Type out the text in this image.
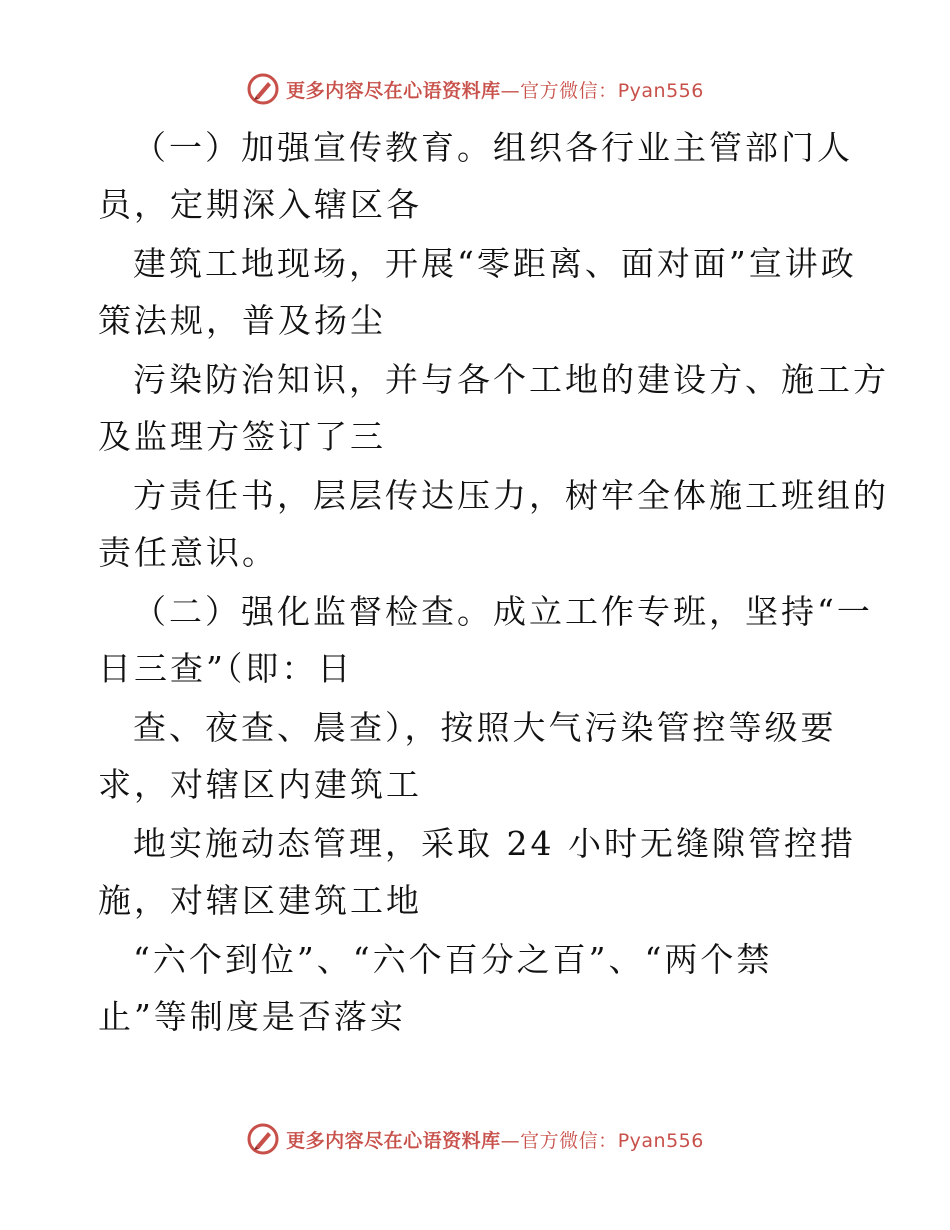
更多内容尽在心语资料库—官方微信：Pyan556
（一）加强宣传教育。组织各行业主管部门人
员，定期深入辖区各
建筑工地现场，开展“零距离、面对面”宣讲政
策法规，普及扬尘
污染防治知识，并与各个工地的建设方、施工方
及监理方签订了三
方责任书，层层传达压力，树牢全体施工班组的
责任意识。
（二）强化监督检查。成立工作专班，坚持“一
日三查”（即：日
查、夜查、晨查），按照大气污染管控等级要
求，对辖区内建筑工
地实施动态管理，采取 24 小时无缝隙管控措
施，对辖区建筑工地
“六个到位”、“六个百分之百”、“两个禁
止”等制度是否落实
更多内容尽在心语资料库—官方微信：Pyan556
